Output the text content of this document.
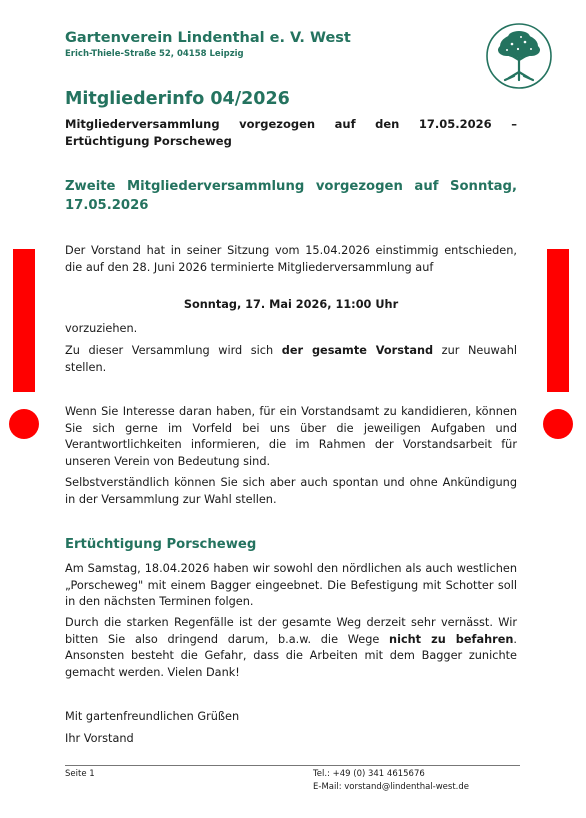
Gartenverein Lindenthal e. V. West
Erich-Thiele-Straße 52, 04158 Leipzig
Mitgliederinfo 04/2026
Mitgliederversammlung vorgezogen auf den 17.05.2026 –
Ertüchtigung Porscheweg
Zweite Mitgliederversammlung vorgezogen auf Sonntag,
17.05.2026
Der Vorstand hat in seiner Sitzung vom 15.04.2026 einstimmig entschieden, die auf den 28. Juni 2026 terminierte Mitgliederversammlung auf
Sonntag, 17. Mai 2026, 11:00 Uhr
vorzuziehen.
Zu dieser Versammlung wird sich der gesamte Vorstand zur Neuwahl stellen.
Wenn Sie Interesse daran haben, für ein Vorstandsamt zu kandidieren, können Sie sich gerne im Vorfeld bei uns über die jeweiligen Aufgaben und Verantwortlichkeiten informieren, die im Rahmen der Vorstandsarbeit für unseren Verein von Bedeutung sind.
Selbstverständlich können Sie sich aber auch spontan und ohne Ankündigung in der Versammlung zur Wahl stellen.
Ertüchtigung Porscheweg
Am Samstag, 18.04.2026 haben wir sowohl den nördlichen als auch westlichen „Porscheweg" mit einem Bagger eingeebnet. Die Befestigung mit Schotter soll in den nächsten Terminen folgen.
Durch die starken Regenfälle ist der gesamte Weg derzeit sehr vernässt. Wir bitten Sie also dringend darum, b.a.w. die Wege nicht zu befahren. Ansonsten besteht die Gefahr, dass die Arbeiten mit dem Bagger zunichte gemacht werden. Vielen Dank!
Mit gartenfreundlichen Grüßen
Ihr Vorstand
Seite 1	Tel.: +49 (0) 341 4615676
E-Mail: vorstand@lindenthal-west.de
